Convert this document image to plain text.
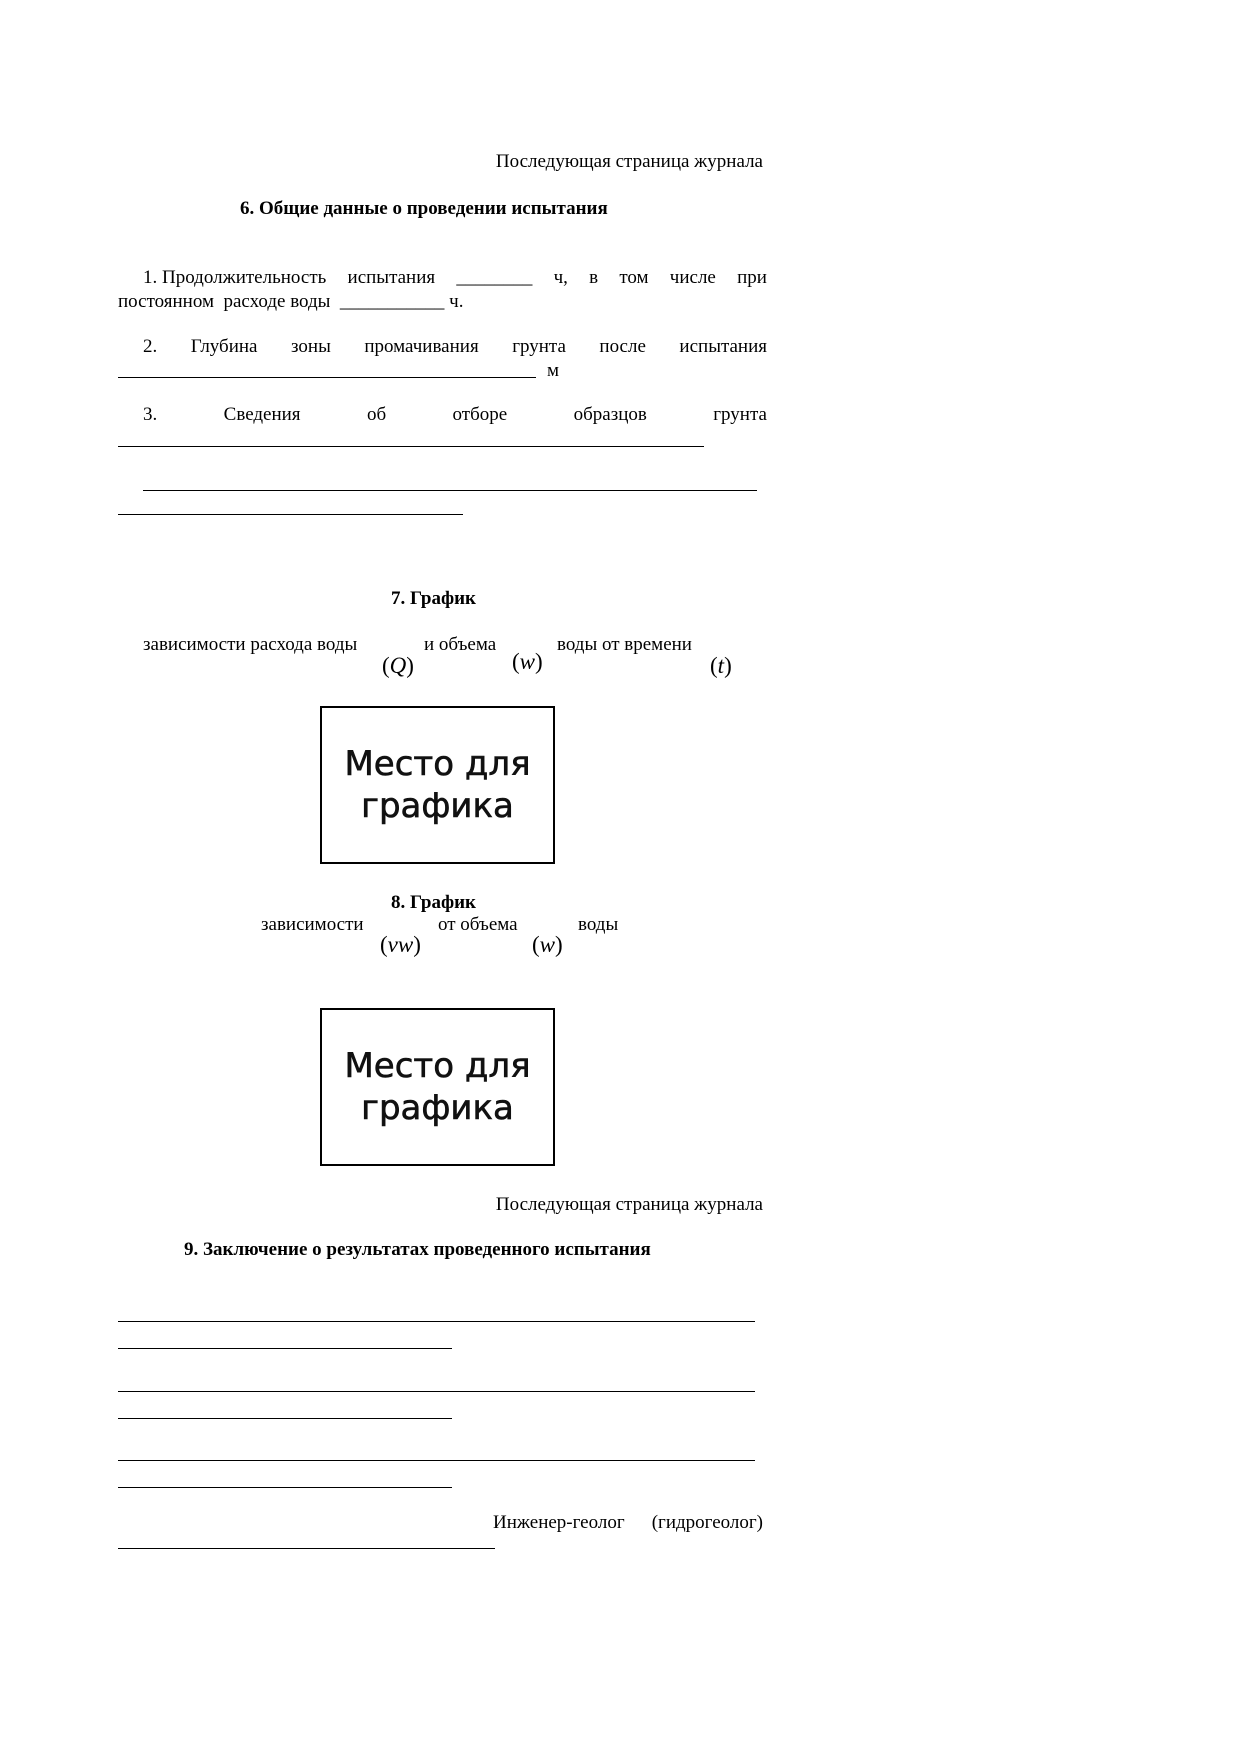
Последующая страница журнала
6. Общие данные о проведении испытания
1. Продолжительность испытания ________ ч, в том числе при
постоянном  расходе воды  ___________ ч.
2. Глубина зоны промачивания грунта после испытания
м
3.	Сведения	об	отборе	образцов	грунта
7. График
зависимости расхода воды	и объема	воды от времени
(Q)	(w)	(t)
Место для
графика
8. График
зависимости	от объема	воды
(vw)	(w)
Место для
графика
Последующая страница журнала
9. Заключение о результатах проведенного испытания
Инженер-геолог (гидрогеолог)
